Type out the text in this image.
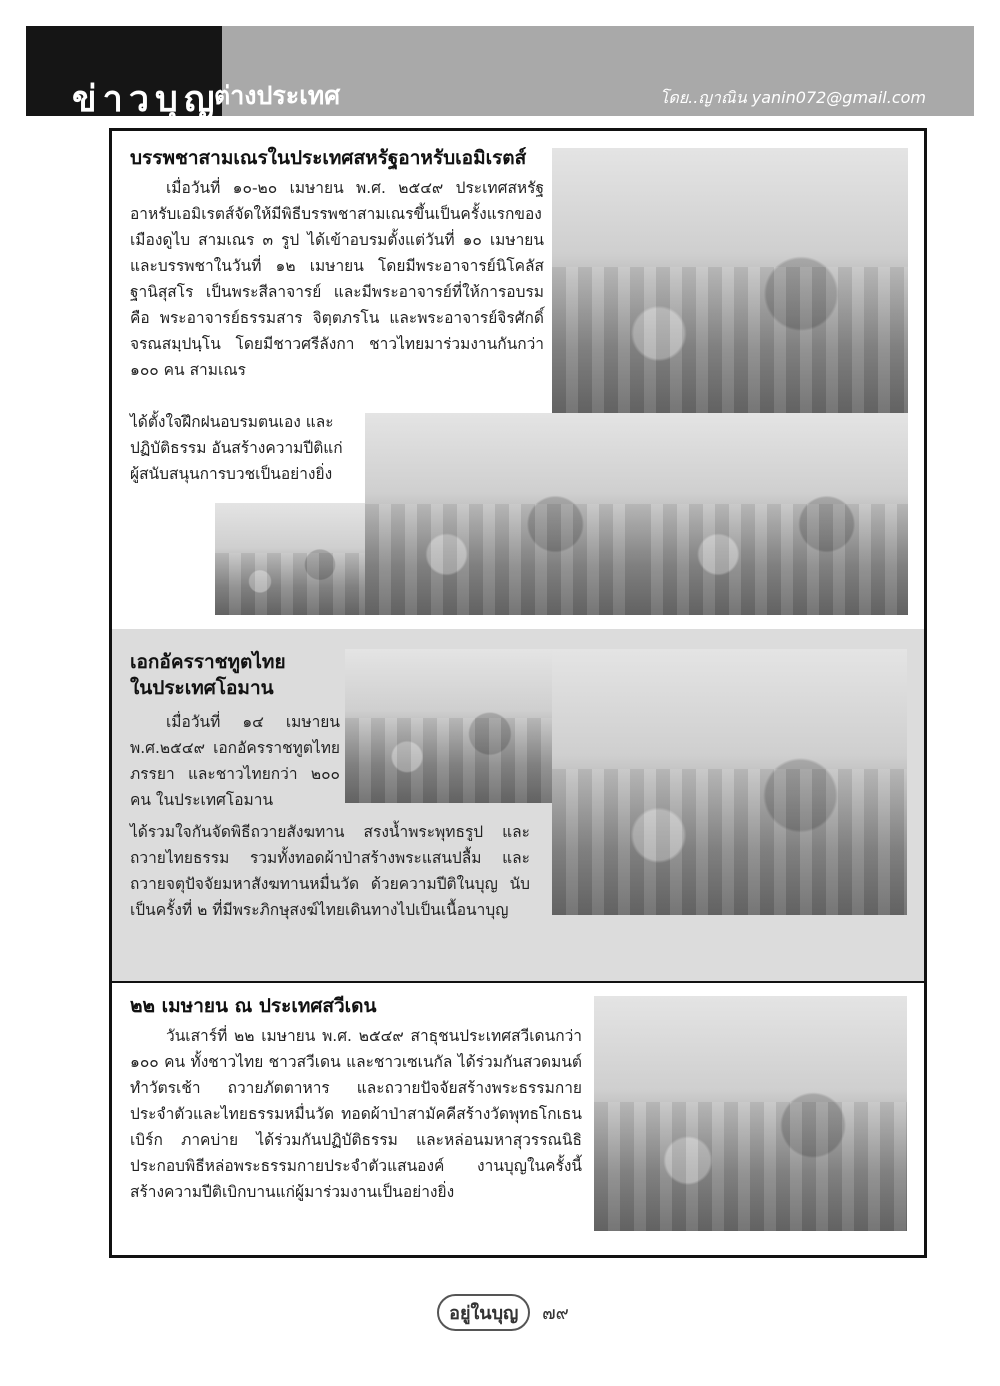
ข่าวบุญ
ต่างประเทศ	โดย..ญาณิน yanin072@gmail.com
บรรพชาสามเณรในประเทศสหรัฐอาหรับเอมิเรตส์

เมื่อวันที่ ๑๐-๒๐ เมษายน พ.ศ. ๒๕๔๙ ประเทศสหรัฐอาหรับเอมิเรตส์จัดให้มีพิธีบรรพชาสามเณรขึ้นเป็นครั้งแรกของเมืองดูไบ สามเณร ๓ รูป ได้เข้าอบรมตั้งแต่วันที่ ๑๐ เมษายน และบรรพชาในวันที่ ๑๒ เมษายน โดยมีพระอาจารย์นิโคลัส ฐานิสุสโร เป็นพระสีลาจารย์ และมีพระอาจารย์ที่ให้การอบรมคือ พระอาจารย์ธรรมสาร จิตฺตภรโน และพระอาจารย์จิรศักดิ์ จรณสมฺปนฺโน โดยมีชาวศรีลังกา ชาวไทยมาร่วมงานกันกว่า ๑๐๐ คน สามเณร

ได้ตั้งใจฝึกฝนอบรมตนเอง และปฏิบัติธรรม อันสร้างความปีติแก่ผู้สนับสนุนการบวชเป็นอย่างยิ่ง

เอกอัครราชทูตไทย
ในประเทศโอมาน

เมื่อวันที่ ๑๔ เมษายน พ.ศ.๒๕๔๙ เอกอัครราชทูตไทย ภรรยา และชาวไทยกว่า ๒๐๐ คน ในประเทศโอมาน

ได้รวมใจกันจัดพิธีถวายสังฆทาน สรงน้ำพระพุทธรูป และถวายไทยธรรม รวมทั้งทอดผ้าป่าสร้างพระแสนปลื้ม และถวายจตุปัจจัยมหาสังฆทานหมื่นวัด ด้วยความปีติในบุญ นับเป็นครั้งที่ ๒ ที่มีพระภิกษุสงฆ์ไทยเดินทางไปเป็นเนื้อนาบุญ

๒๒ เมษายน ณ ประเทศสวีเดน

วันเสาร์ที่ ๒๒ เมษายน พ.ศ. ๒๕๔๙ สาธุชนประเทศสวีเดนกว่า ๑๐๐ คน ทั้งชาวไทย ชาวสวีเดน และชาวเซเนกัล ได้ร่วมกันสวดมนต์ทำวัตรเช้า ถวายภัตตาหาร และถวายปัจจัยสร้างพระธรรมกายประจำตัวและไทยธรรมหมื่นวัด ทอดผ้าป่าสามัคคีสร้างวัดพุทธโกเธนเบิร์ก ภาคบ่าย ได้ร่วมกันปฏิบัติธรรม และหล่อนมหาสุวรรณนิธิประกอบพิธีหล่อพระธรรมกายประจำตัวแสนองค์ งานบุญในครั้งนี้สร้างความปีติเบิกบานแก่ผู้มาร่วมงานเป็นอย่างยิ่ง

อยู่ในบุญ ๗๙
